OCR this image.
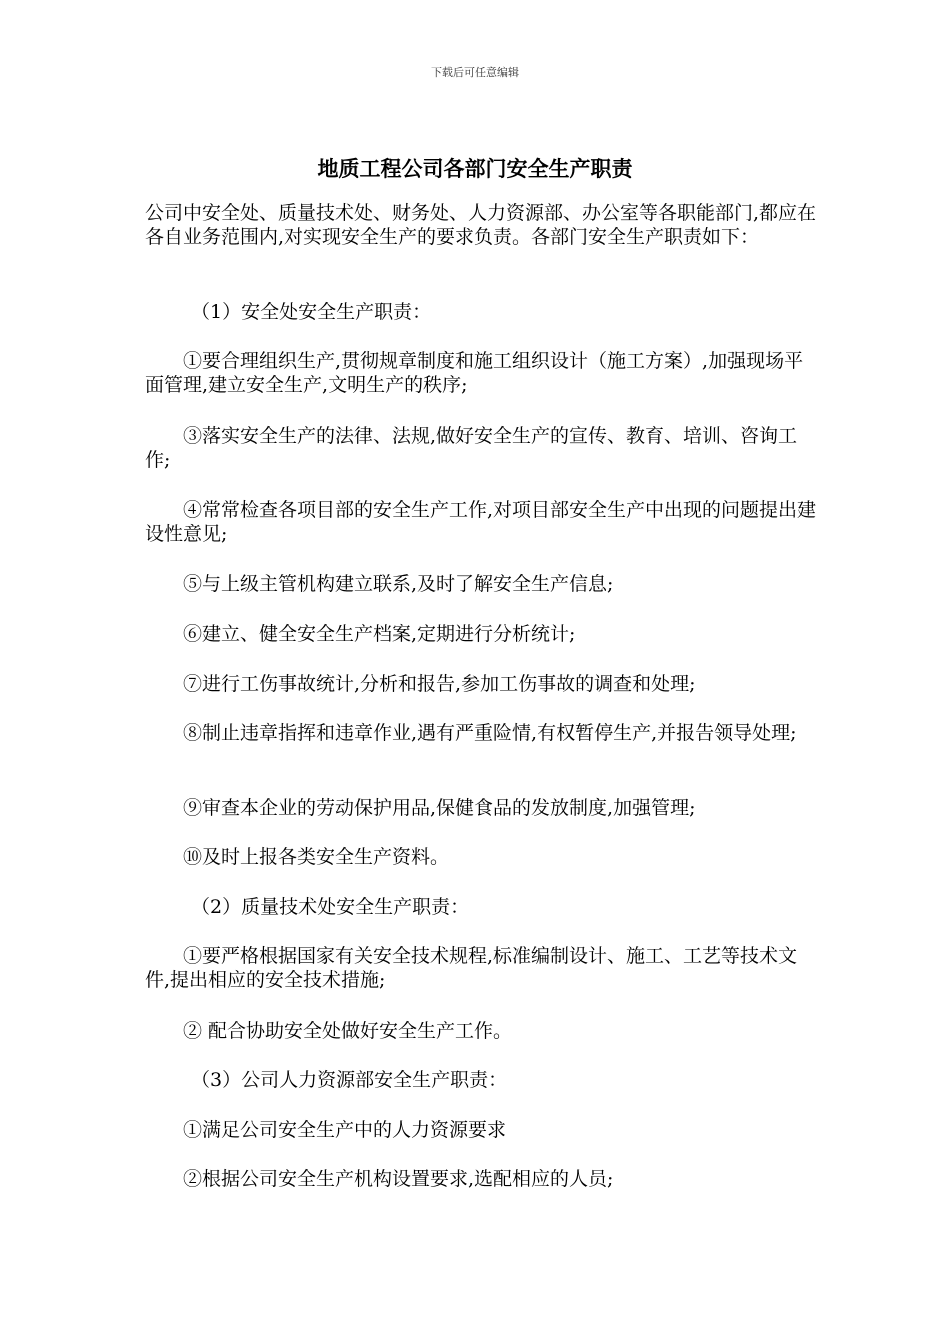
下载后可任意编辑
地质工程公司各部门安全生产职责

公司中安全处、质量技术处、财务处、人力资源部、办公室等各职能部门,都应在各自业务范围内,对实现安全生产的要求负责。各部门安全生产职责如下：

（1）安全处安全生产职责：

①要合理组织生产,贯彻规章制度和施工组织设计（施工方案）,加强现场平面管理,建立安全生产,文明生产的秩序;

③落实安全生产的法律、法规,做好安全生产的宣传、教育、培训、咨询工作;

④常常检查各项目部的安全生产工作,对项目部安全生产中出现的问题提出建设性意见;

⑤与上级主管机构建立联系,及时了解安全生产信息;

⑥建立、健全安全生产档案,定期进行分析统计;

⑦进行工伤事故统计,分析和报告,参加工伤事故的调查和处理;

⑧制止违章指挥和违章作业,遇有严重险情,有权暂停生产,并报告领导处理;

⑨审查本企业的劳动保护用品,保健食品的发放制度,加强管理;

⑩及时上报各类安全生产资料。

（2）质量技术处安全生产职责：

①要严格根据国家有关安全技术规程,标准编制设计、施工、工艺等技术文件,提出相应的安全技术措施;

② 配合协助安全处做好安全生产工作。

（3）公司人力资源部安全生产职责：

①满足公司安全生产中的人力资源要求

②根据公司安全生产机构设置要求,选配相应的人员;
